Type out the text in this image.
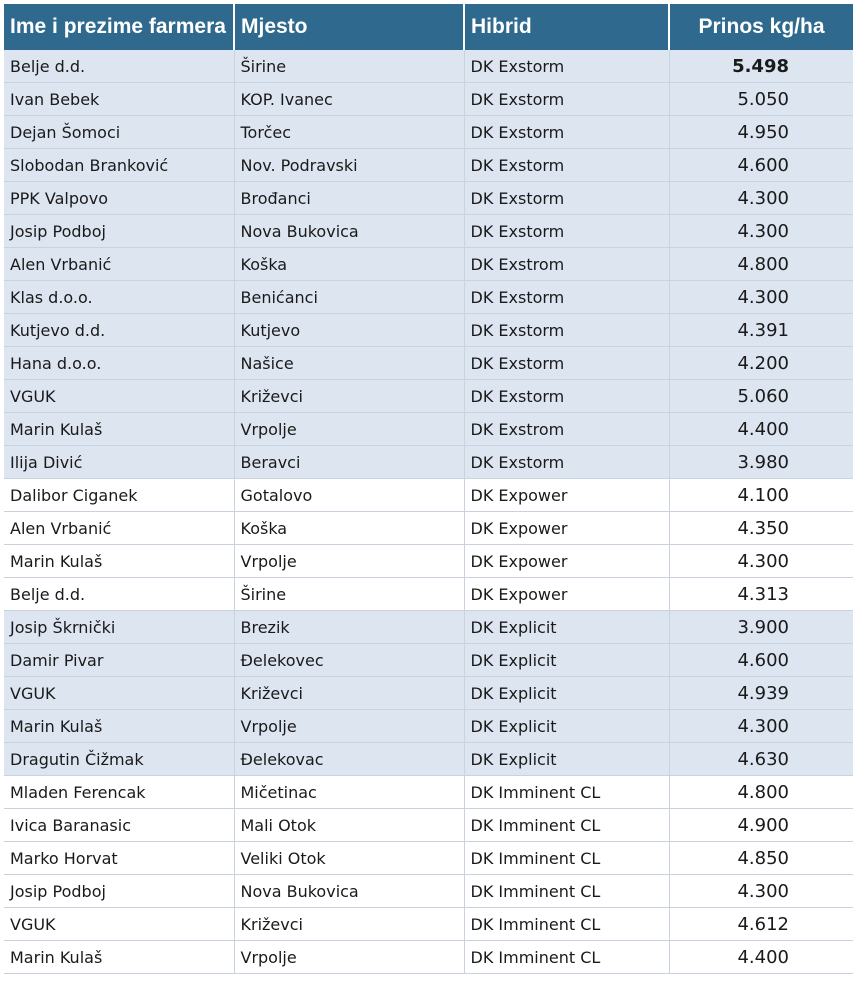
Ime i prezime farmera	Mjesto	Hibrid	Prinos kg/ha
Belje d.d.	Širine	DK Exstorm	5.498
Ivan Bebek	KOP. Ivanec	DK Exstorm	5.050
Dejan Šomoci	Torčec	DK Exstorm	4.950
Slobodan Branković	Nov. Podravski	DK Exstorm	4.600
PPK Valpovo	Brođanci	DK Exstorm	4.300
Josip Podboj	Nova Bukovica	DK Exstorm	4.300
Alen Vrbanić	Koška	DK Exstrom	4.800
Klas d.o.o.	Benićanci	DK Exstorm	4.300
Kutjevo d.d.	Kutjevo	DK Exstorm	4.391
Hana d.o.o.	Našice	DK Exstorm	4.200
VGUK	Križevci	DK Exstorm	5.060
Marin Kulaš	Vrpolje	DK Exstrom	4.400
Ilija Divić	Beravci	DK Exstorm	3.980
Dalibor Ciganek	Gotalovo	DK Expower	4.100
Alen Vrbanić	Koška	DK Expower	4.350
Marin Kulaš	Vrpolje	DK Expower	4.300
Belje d.d.	Širine	DK Expower	4.313
Josip Škrnički	Brezik	DK Explicit	3.900
Damir Pivar	Đelekovec	DK Explicit	4.600
VGUK	Križevci	DK Explicit	4.939
Marin Kulaš	Vrpolje	DK Explicit	4.300
Dragutin Čižmak	Đelekovac	DK Explicit	4.630
Mladen Ferencak	Mičetinac	DK Imminent CL	4.800
Ivica Baranasic	Mali Otok	DK Imminent CL	4.900
Marko Horvat	Veliki Otok	DK Imminent CL	4.850
Josip Podboj	Nova Bukovica	DK Imminent CL	4.300
VGUK	Križevci	DK Imminent CL	4.612
Marin Kulaš	Vrpolje	DK Imminent CL	4.400
